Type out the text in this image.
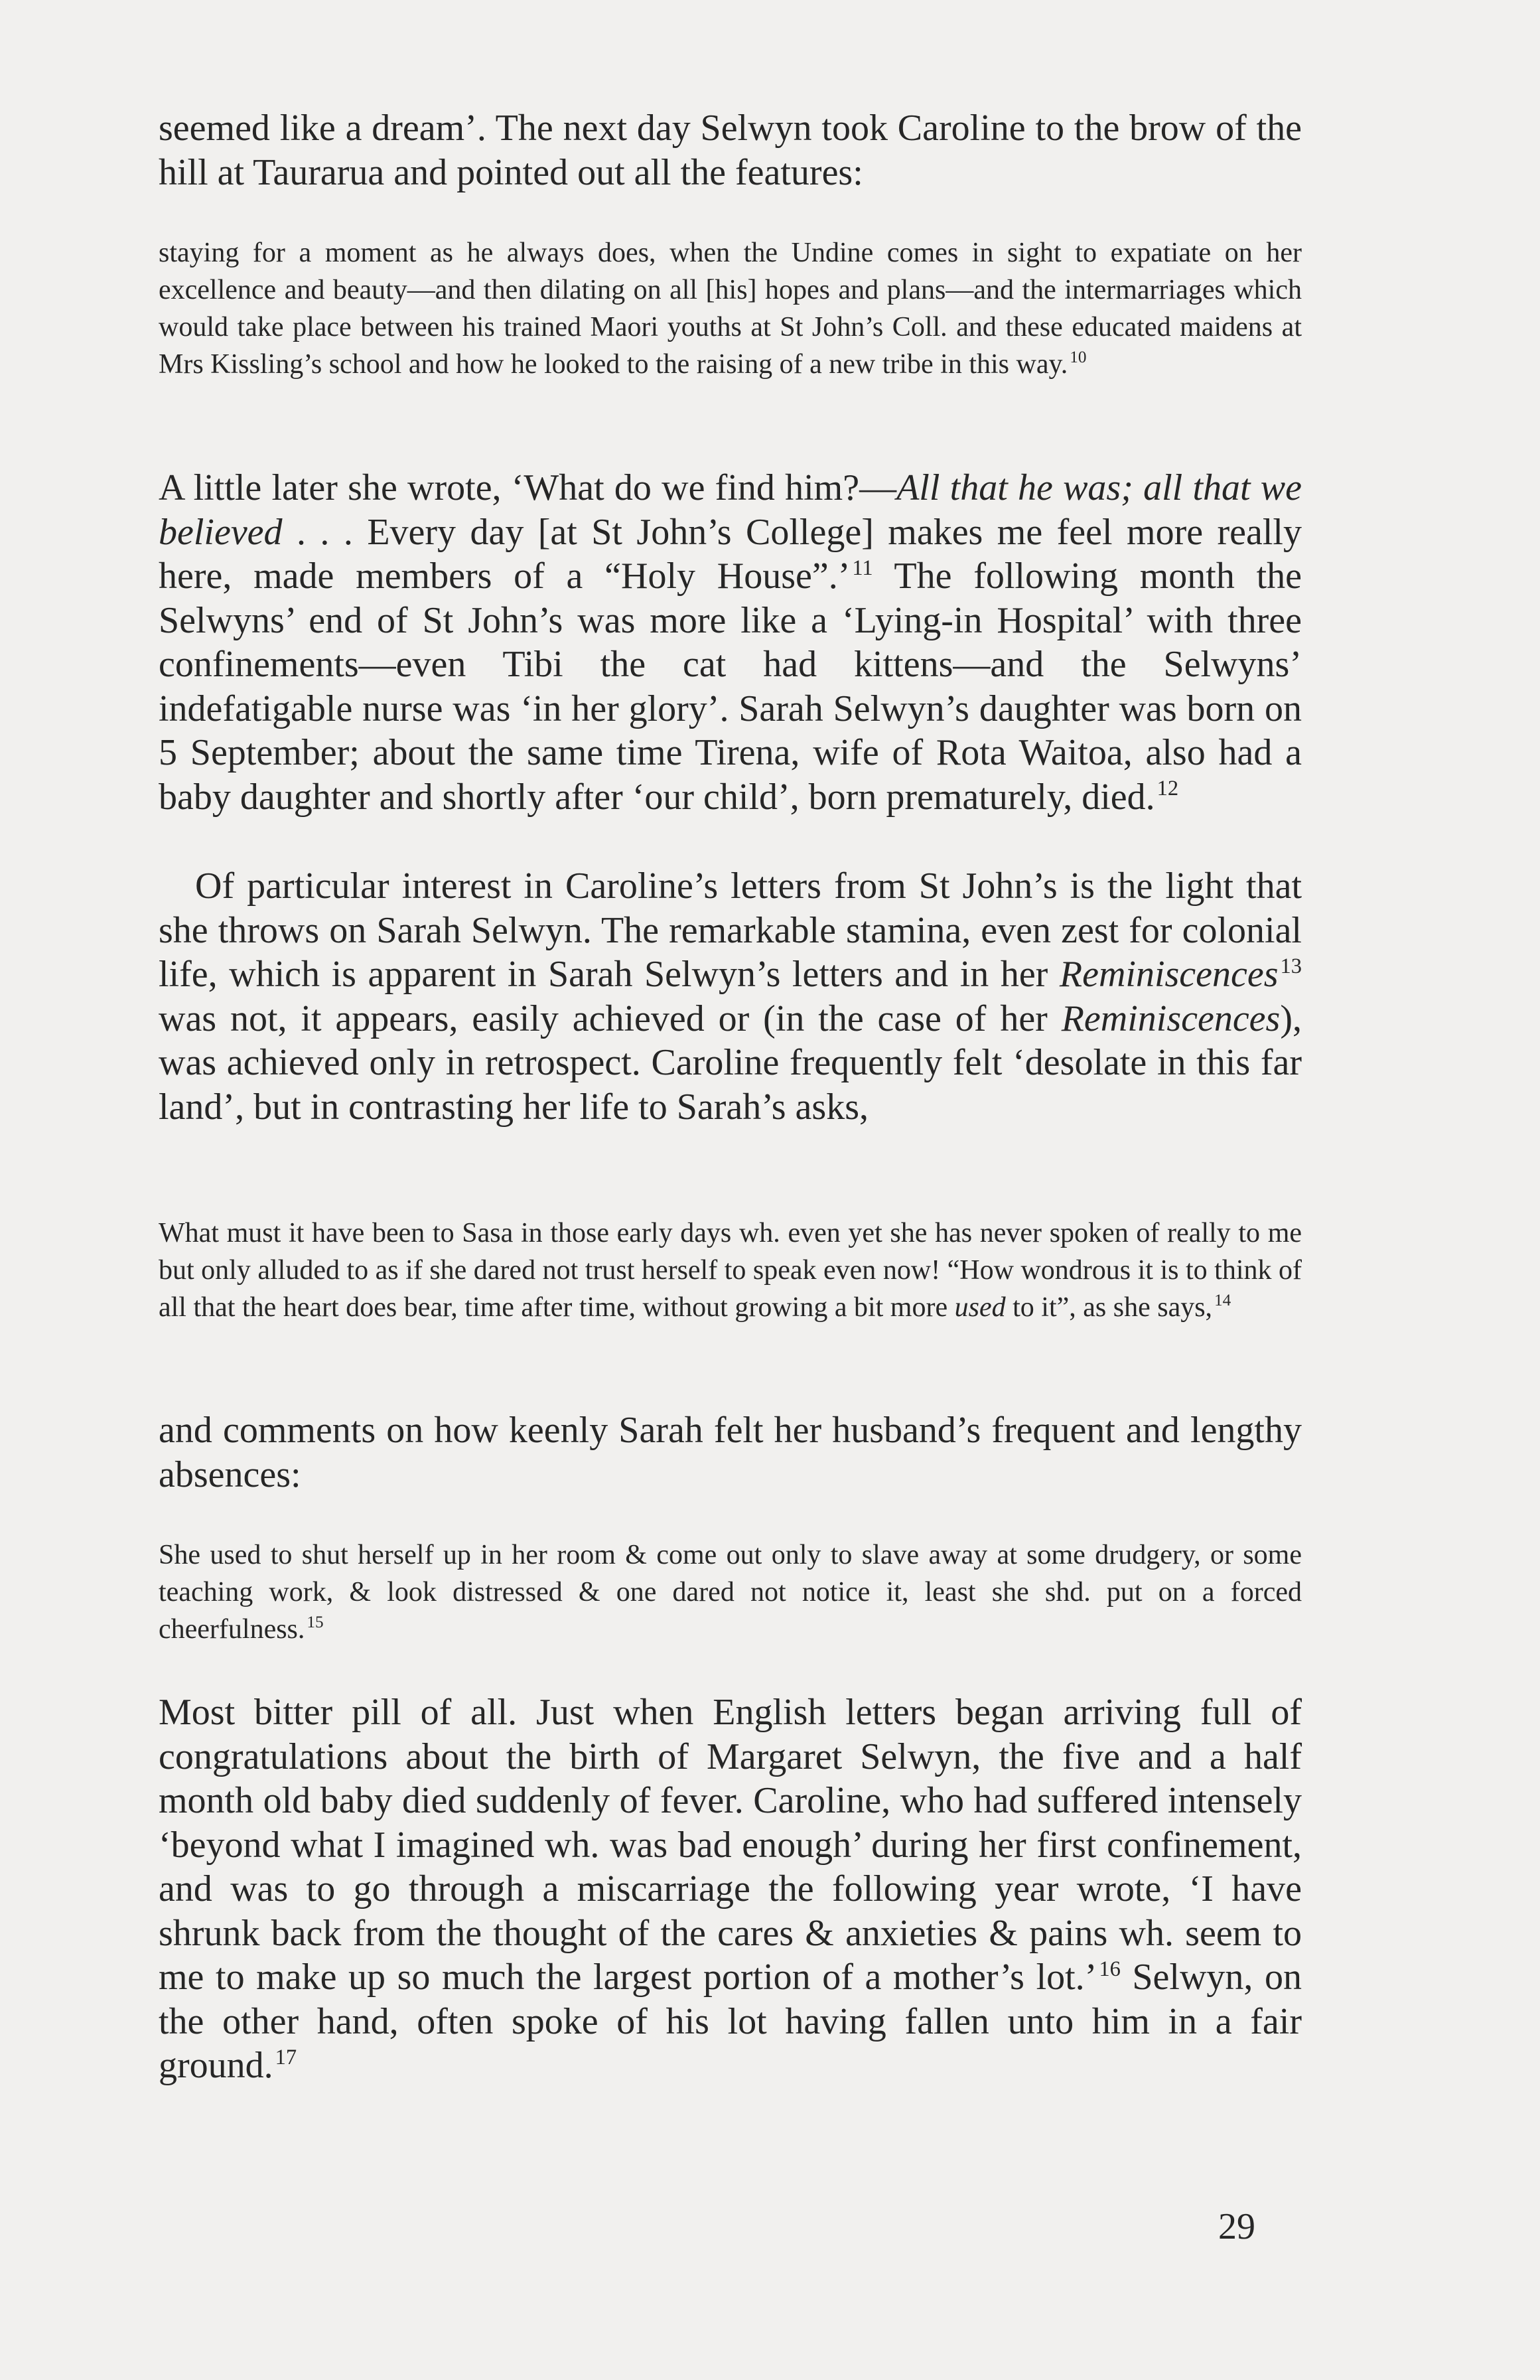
seemed like a dream’. The next day Selwyn took Caroline to the brow of the hill at Taurarua and pointed out all the features:

staying for a moment as he always does, when the Undine comes in sight to expatiate on her excellence and beauty—and then dilating on all [his] hopes and plans—and the intermarriages which would take place between his trained Maori youths at St John’s Coll. and these educated maidens at Mrs Kissling’s school and how he looked to the raising of a new tribe in this way. $^{10}$

A little later she wrote, ‘What do we find him?—All that he was; all that we believed . . . Every day [at St John’s College] makes me feel more really here, made members of a “Holy House”.’$^{11}$ The following month the Selwyns’ end of St John’s was more like a ‘Lying-in Hospital’ with three confinements—even Tibi the cat had kittens—and the Selwyns’ indefatigable nurse was ‘in her glory’. Sarah Selwyn’s daughter was born on 5 September; about the same time Tirena, wife of Rota Waitoa, also had a baby daughter and shortly after ‘our child’, born prematurely, died.$^{12}$

Of particular interest in Caroline’s letters from St John’s is the light that she throws on Sarah Selwyn. The remarkable stamina, even zest for colonial life, which is apparent in Sarah Selwyn’s letters and in her Reminiscences$^{13}$ was not, it appears, easily achieved or (in the case of her Reminiscences), was achieved only in retrospect. Caroline frequently felt ‘desolate in this far land’, but in contrasting her life to Sarah’s asks,

What must it have been to Sasa in those early days wh. even yet she has never spoken of really to me but only alluded to as if she dared not trust herself to speak even now! “How wondrous it is to think of all that the heart does bear, time after time, without growing a bit more used to it”, as she says, $^{14}$

and comments on how keenly Sarah felt her husband’s frequent and lengthy absences:

She used to shut herself up in her room & come out only to slave away at some drudgery, or some teaching work, & look distressed & one dared not notice it, least she shd. put on a forced cheerfulness. $^{15}$

Most bitter pill of all. Just when English letters began arriving full of congratulations about the birth of Margaret Selwyn, the five and a half month old baby died suddenly of fever. Caroline, who had suffered intensely ‘beyond what I imagined wh. was bad enough’ during her first confinement, and was to go through a miscarriage the following year wrote, ‘I have shrunk back from the thought of the cares & anxieties & pains wh. seem to me to make up so much the largest portion of a mother’s lot.’$^{16}$ Selwyn, on the other hand, often spoke of his lot having fallen unto him in a fair ground.$^{17}$

29
